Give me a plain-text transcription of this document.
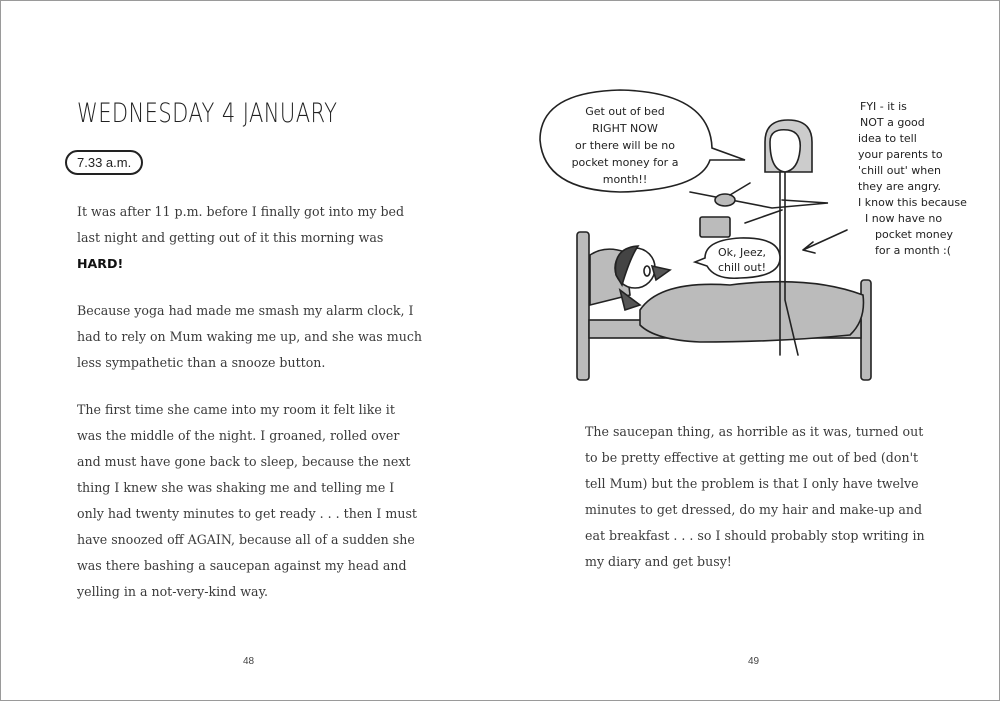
WEDNESDAY 4 JANUARY
7.33 a.m.

It was after 11 p.m. before I finally got into my bed last night and getting out of it this morning was HARD!

Because yoga had made me smash my alarm clock, I had to rely on Mum waking me up, and she was much less sympathetic than a snooze button.

The first time she came into my room it felt like it was the middle of the night. I groaned, rolled over and must have gone back to sleep, because the next thing I knew she was shaking me and telling me I only had twenty minutes to get ready . . . then I must have snoozed off AGAIN, because all of a sudden she was there bashing a saucepan against my head and yelling in a not-very-kind way.

48
Get out of bed
RIGHT NOW
or there will be no
pocket money for a
month!!
Ok, Jeez,
chill out!
FYI - it is
NOT a good
idea to tell
your parents to
'chill out' when
they are angry.
I know this because
I now have no
pocket money
for a month :(

The saucepan thing, as horrible as it was, turned out to be pretty effective at getting me out of bed (don't tell Mum) but the problem is that I only have twelve minutes to get dressed, do my hair and make-up and eat breakfast . . . so I should probably stop writing in my diary and get busy!

49
